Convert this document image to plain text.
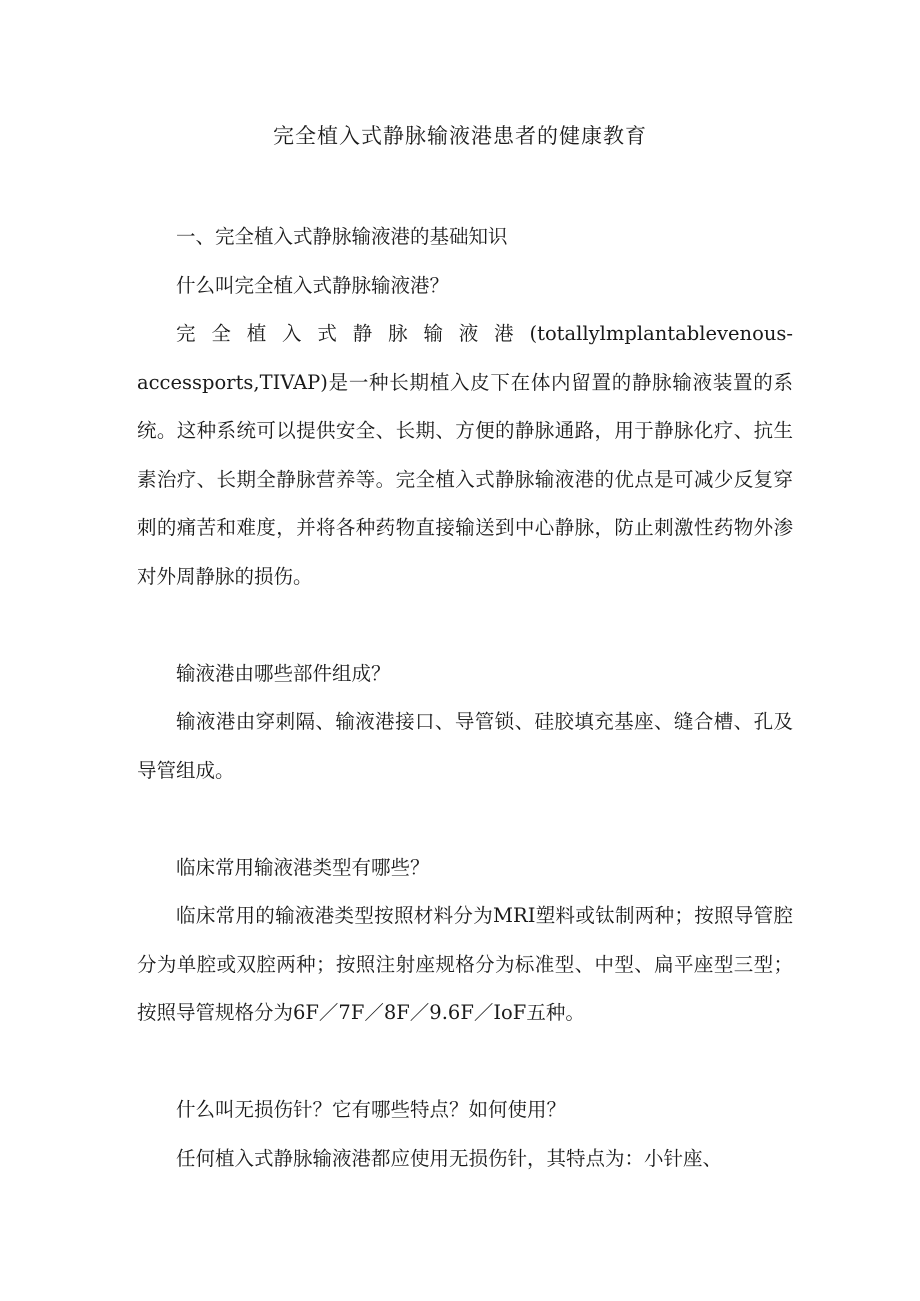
完全植入式静脉输液港患者的健康教育

一、完全植入式静脉输液港的基础知识

什么叫完全植入式静脉输液港？

完全植入式静脉输液港(totallylmplantablevenous-accessports,TIVAP)是一种长期植入皮下在体内留置的静脉输液装置的系统。这种系统可以提供安全、长期、方便的静脉通路，用于静脉化疗、抗生素治疗、长期全静脉营养等。完全植入式静脉输液港的优点是可减少反复穿刺的痛苦和难度，并将各种药物直接输送到中心静脉，防止刺激性药物外渗对外周静脉的损伤。

输液港由哪些部件组成？

输液港由穿刺隔、输液港接口、导管锁、硅胶填充基座、缝合槽、孔及导管组成。

临床常用输液港类型有哪些？

临床常用的输液港类型按照材料分为MRI塑料或钛制两种；按照导管腔分为单腔或双腔两种；按照注射座规格分为标准型、中型、扁平座型三型；按照导管规格分为6F／7F／8F／9.6F／IoF五种。

什么叫无损伤针？它有哪些特点？如何使用？

任何植入式静脉输液港都应使用无损伤针，其特点为：小针座、
